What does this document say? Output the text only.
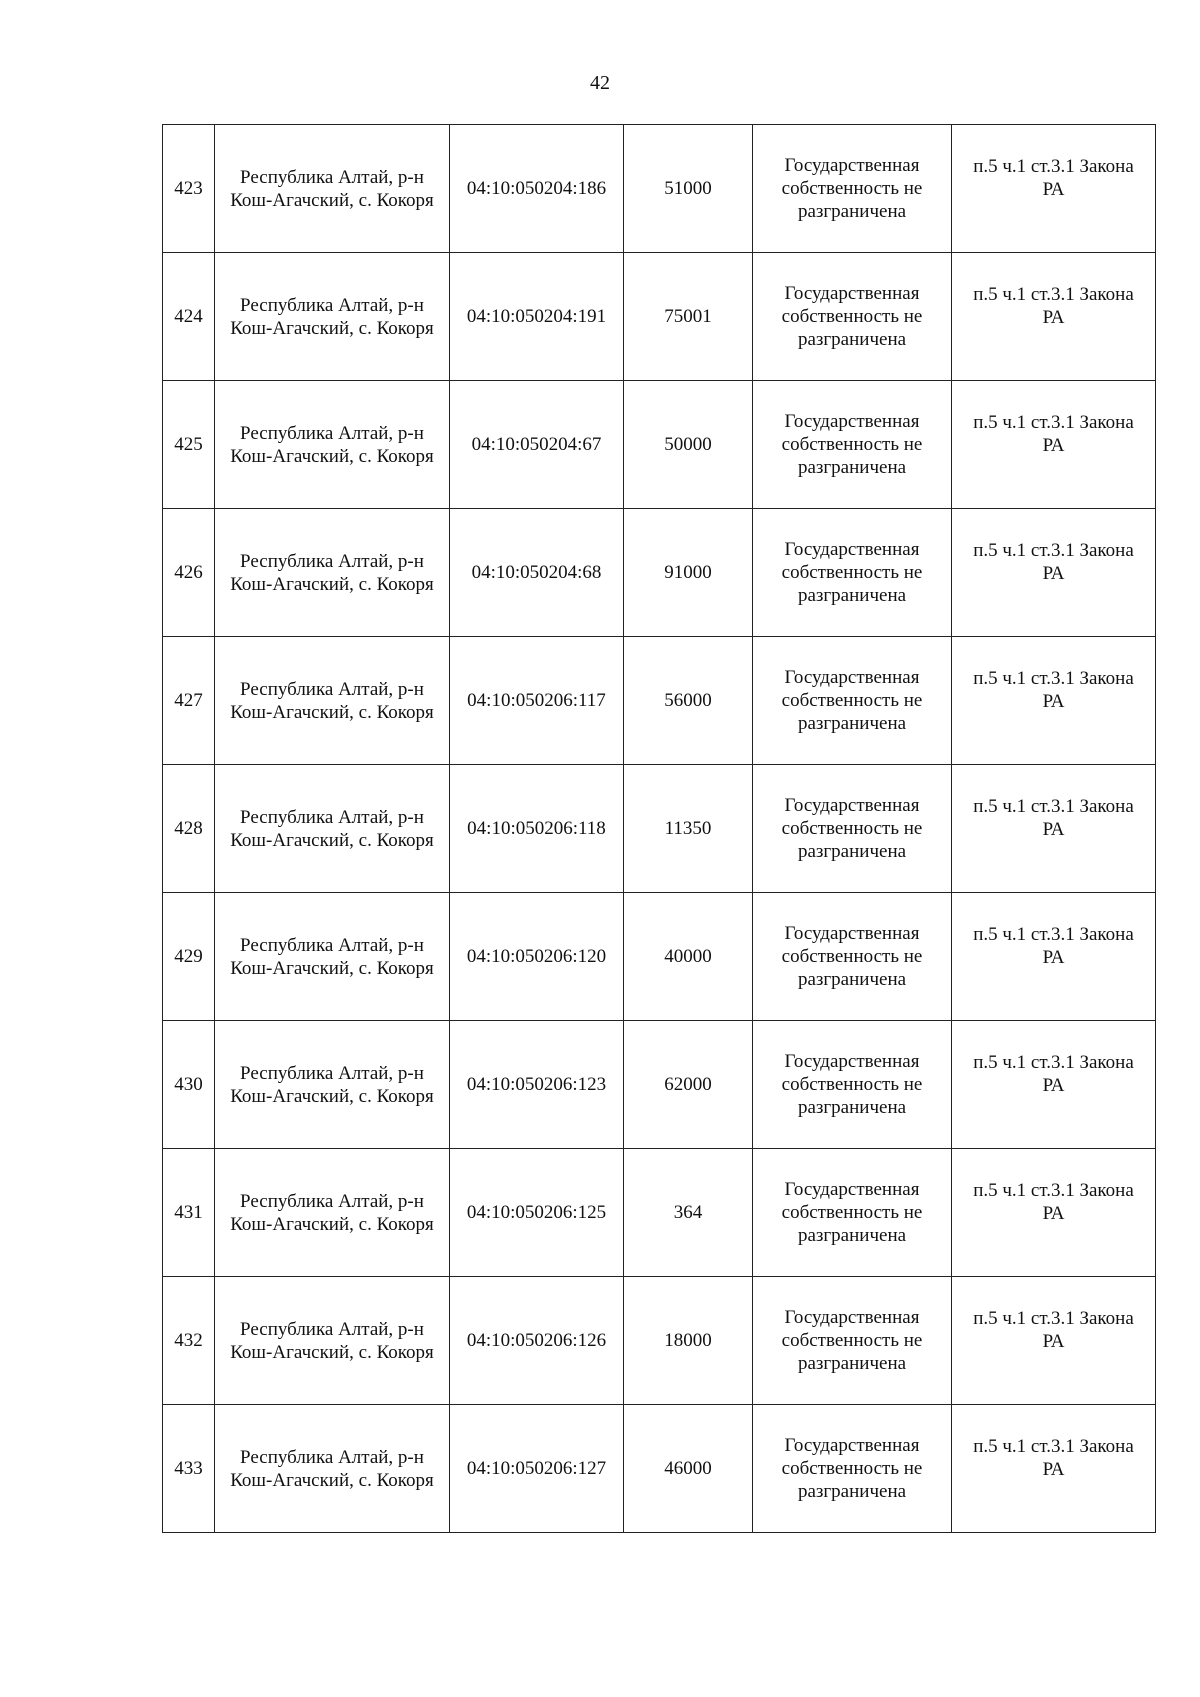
42
423	Республика Алтай, р-н Кош-Агачский, с. Кокоря	04:10:050204:186	51000	Государственная собственность не разграничена	п.5 ч.1 ст.3.1 Закона РА
424	Республика Алтай, р-н Кош-Агачский, с. Кокоря	04:10:050204:191	75001	Государственная собственность не разграничена	п.5 ч.1 ст.3.1 Закона РА
425	Республика Алтай, р-н Кош-Агачский, с. Кокоря	04:10:050204:67	50000	Государственная собственность не разграничена	п.5 ч.1 ст.3.1 Закона РА
426	Республика Алтай, р-н Кош-Агачский, с. Кокоря	04:10:050204:68	91000	Государственная собственность не разграничена	п.5 ч.1 ст.3.1 Закона РА
427	Республика Алтай, р-н Кош-Агачский, с. Кокоря	04:10:050206:117	56000	Государственная собственность не разграничена	п.5 ч.1 ст.3.1 Закона РА
428	Республика Алтай, р-н Кош-Агачский, с. Кокоря	04:10:050206:118	11350	Государственная собственность не разграничена	п.5 ч.1 ст.3.1 Закона РА
429	Республика Алтай, р-н Кош-Агачский, с. Кокоря	04:10:050206:120	40000	Государственная собственность не разграничена	п.5 ч.1 ст.3.1 Закона РА
430	Республика Алтай, р-н Кош-Агачский, с. Кокоря	04:10:050206:123	62000	Государственная собственность не разграничена	п.5 ч.1 ст.3.1 Закона РА
431	Республика Алтай, р-н Кош-Агачский, с. Кокоря	04:10:050206:125	364	Государственная собственность не разграничена	п.5 ч.1 ст.3.1 Закона РА
432	Республика Алтай, р-н Кош-Агачский, с. Кокоря	04:10:050206:126	18000	Государственная собственность не разграничена	п.5 ч.1 ст.3.1 Закона РА
433	Республика Алтай, р-н Кош-Агачский, с. Кокоря	04:10:050206:127	46000	Государственная собственность не разграничена	п.5 ч.1 ст.3.1 Закона РА
